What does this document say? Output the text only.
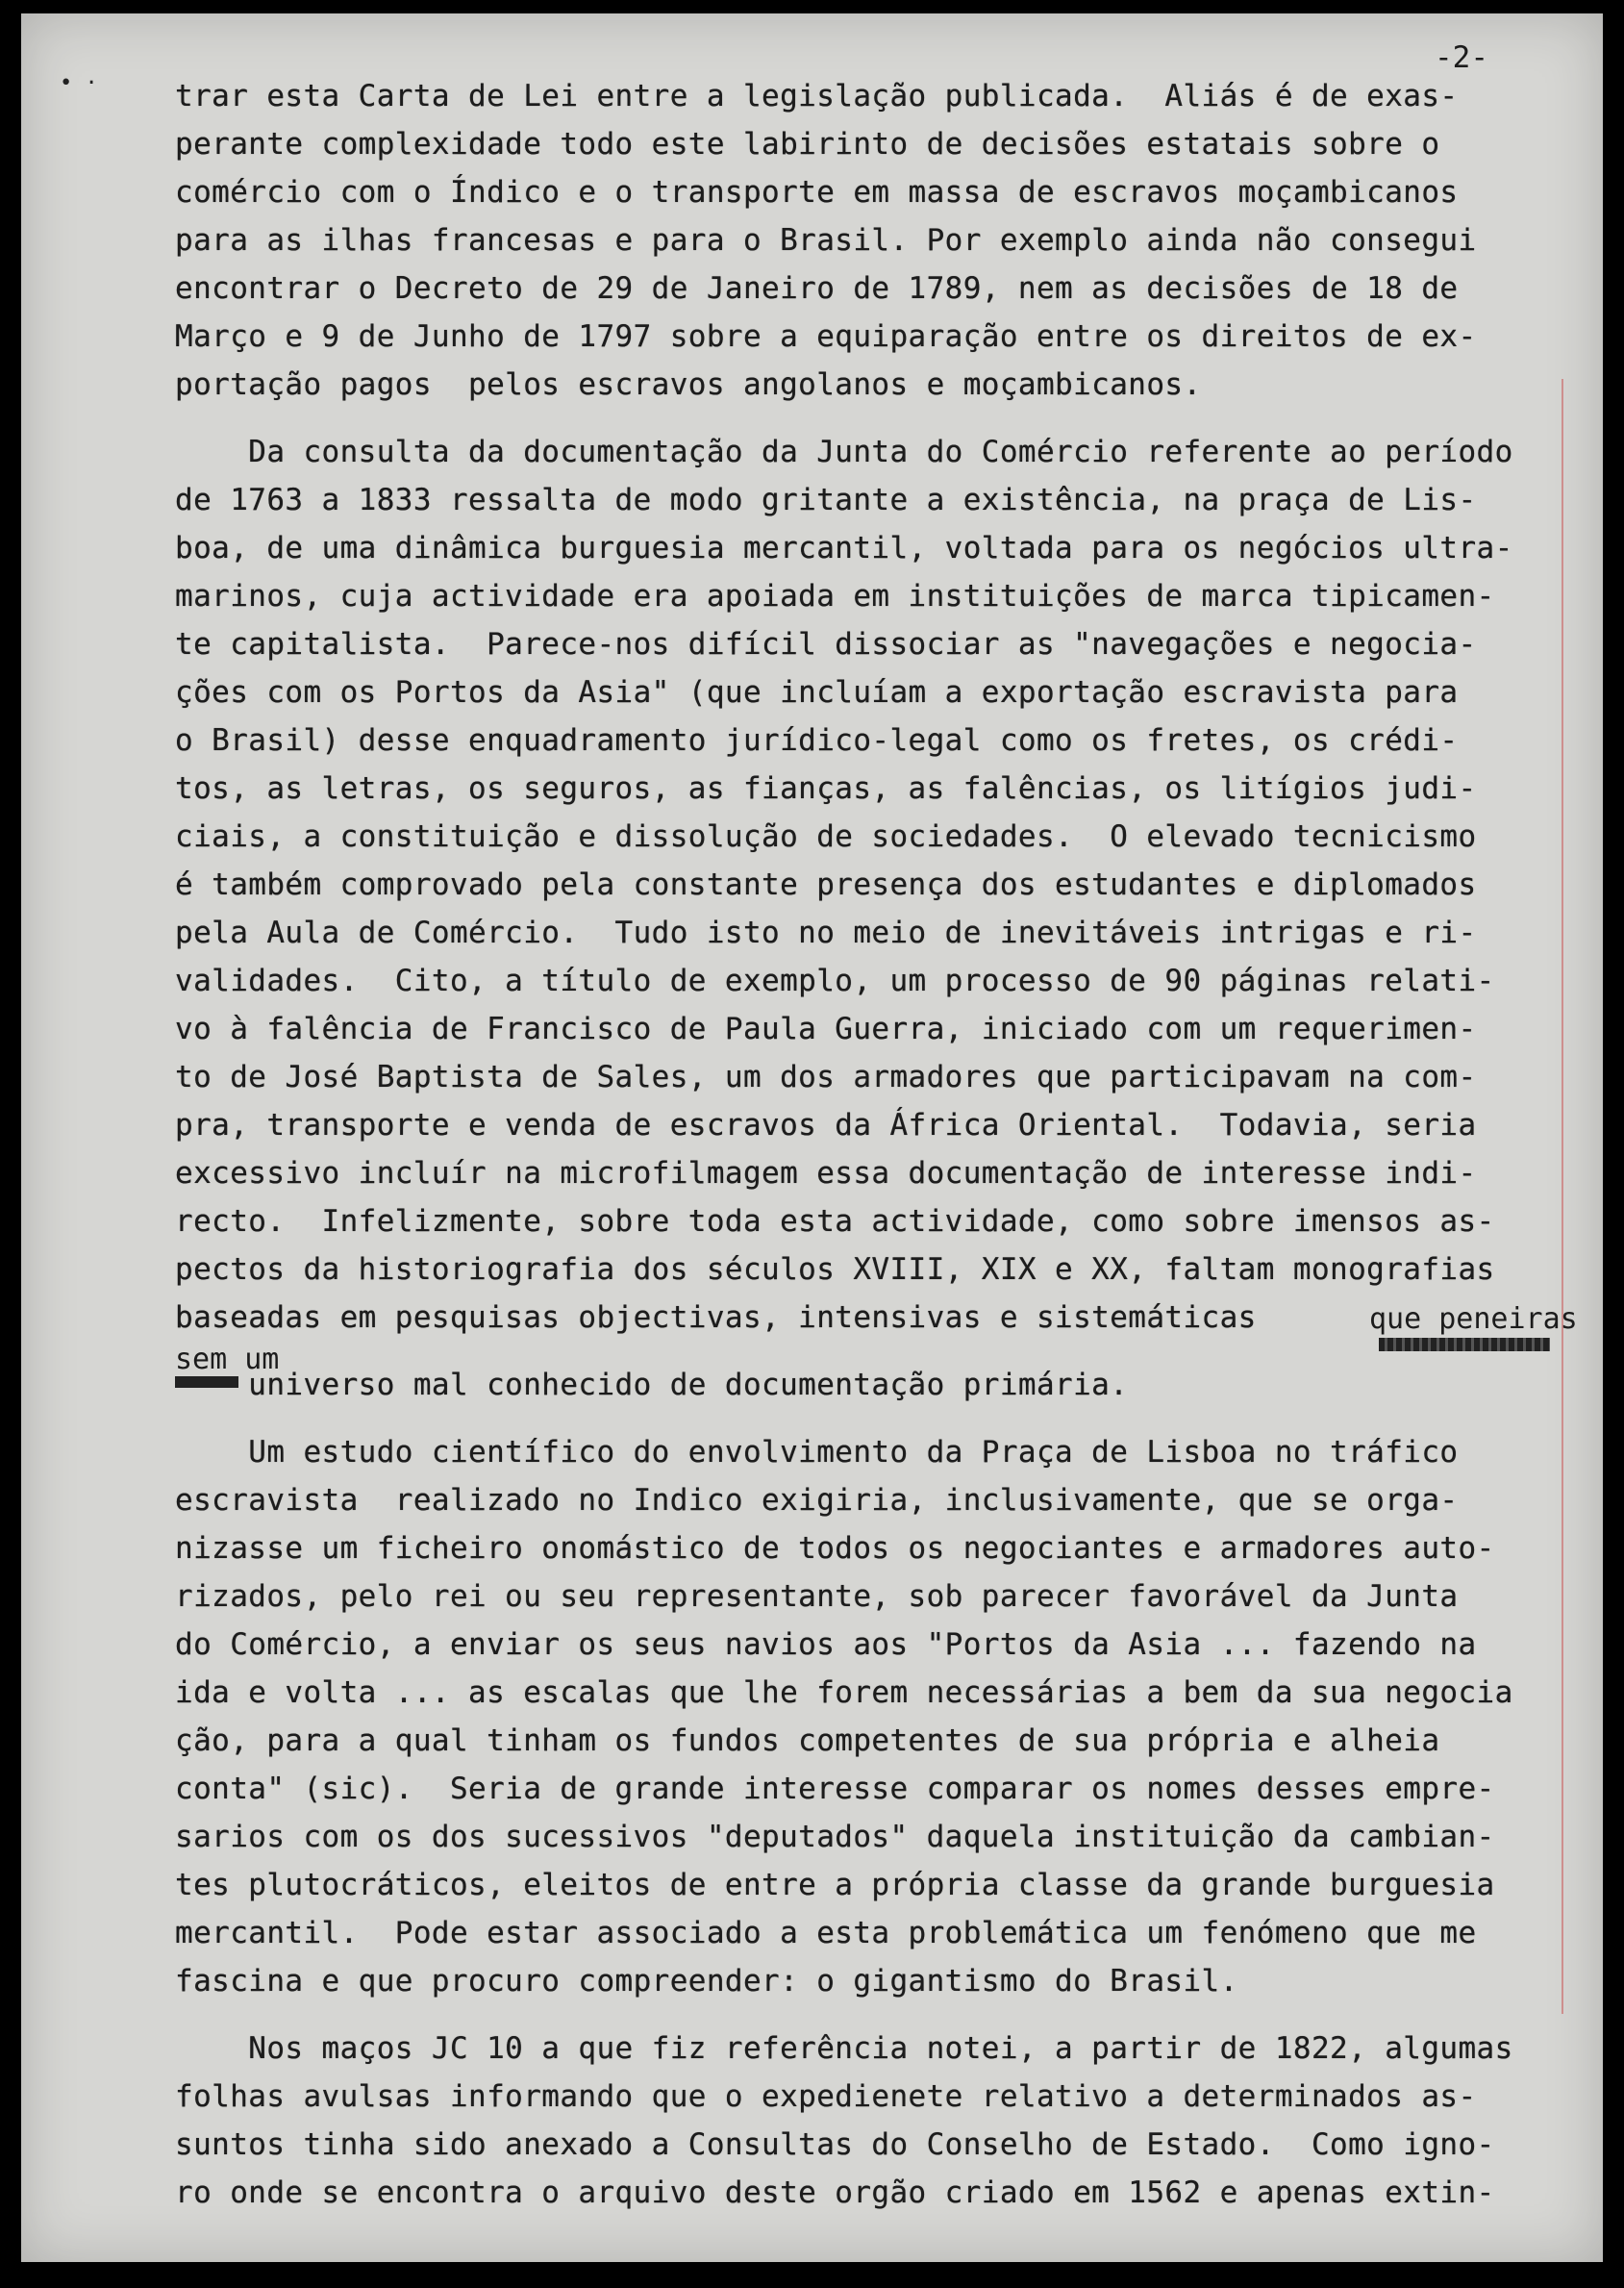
• ·
-2-
trar esta Carta de Lei entre a legislação publicada.  Aliás é de exas-
perante complexidade todo este labirinto de decisões estatais sobre o
comércio com o Índico e o transporte em massa de escravos moçambicanos
para as ilhas francesas e para o Brasil. Por exemplo ainda não consegui
encontrar o Decreto de 29 de Janeiro de 1789, nem as decisões de 18 de
Março e 9 de Junho de 1797 sobre a equiparação entre os direitos de ex-
portação pagos  pelos escravos angolanos e moçambicanos.
Da consulta da documentação da Junta do Comércio referente ao período
de 1763 a 1833 ressalta de modo gritante a existência, na praça de Lis-
boa, de uma dinâmica burguesia mercantil, voltada para os negócios ultra-
marinos, cuja actividade era apoiada em instituições de marca tipicamen-
te capitalista.  Parece-nos difícil dissociar as "navegações e negocia-
ções com os Portos da Asia" (que incluíam a exportação escravista para
o Brasil) desse enquadramento jurídico-legal como os fretes, os crédi-
tos, as letras, os seguros, as fianças, as falências, os litígios judi-
ciais, a constituição e dissolução de sociedades.  O elevado tecnicismo
é também comprovado pela constante presença dos estudantes e diplomados
pela Aula de Comércio.  Tudo isto no meio de inevitáveis intrigas e ri-
validades.  Cito, a título de exemplo, um processo de 90 páginas relati-
vo à falência de Francisco de Paula Guerra, iniciado com um requerimen-
to de José Baptista de Sales, um dos armadores que participavam na com-
pra, transporte e venda de escravos da África Oriental.  Todavia, seria
excessivo incluír na microfilmagem essa documentação de interesse indi-
recto.  Infelizmente, sobre toda esta actividade, como sobre imensos as-
pectos da historiografia dos séculos XVIII, XIX e XX, faltam monografias
baseadas em pesquisas objectivas, intensivas e sistemáticas	que peneiras
sem um
universo mal conhecido de documentação primária.
Um estudo científico do envolvimento da Praça de Lisboa no tráfico
escravista  realizado no Indico exigiria, inclusivamente, que se orga-
nizasse um ficheiro onomástico de todos os negociantes e armadores auto-
rizados, pelo rei ou seu representante, sob parecer favorável da Junta
do Comércio, a enviar os seus navios aos "Portos da Asia ... fazendo na
ida e volta ... as escalas que lhe forem necessárias a bem da sua negocia
ção, para a qual tinham os fundos competentes de sua própria e alheia
conta" (sic).  Seria de grande interesse comparar os nomes desses empre-
sarios com os dos sucessivos "deputados" daquela instituição da cambian-
tes plutocráticos, eleitos de entre a própria classe da grande burguesia
mercantil.  Pode estar associado a esta problemática um fenómeno que me
fascina e que procuro compreender: o gigantismo do Brasil.
Nos maços JC 10 a que fiz referência notei, a partir de 1822, algumas
folhas avulsas informando que o expedienete relativo a determinados as-
suntos tinha sido anexado a Consultas do Conselho de Estado.  Como igno-
ro onde se encontra o arquivo deste orgão criado em 1562 e apenas extin-
